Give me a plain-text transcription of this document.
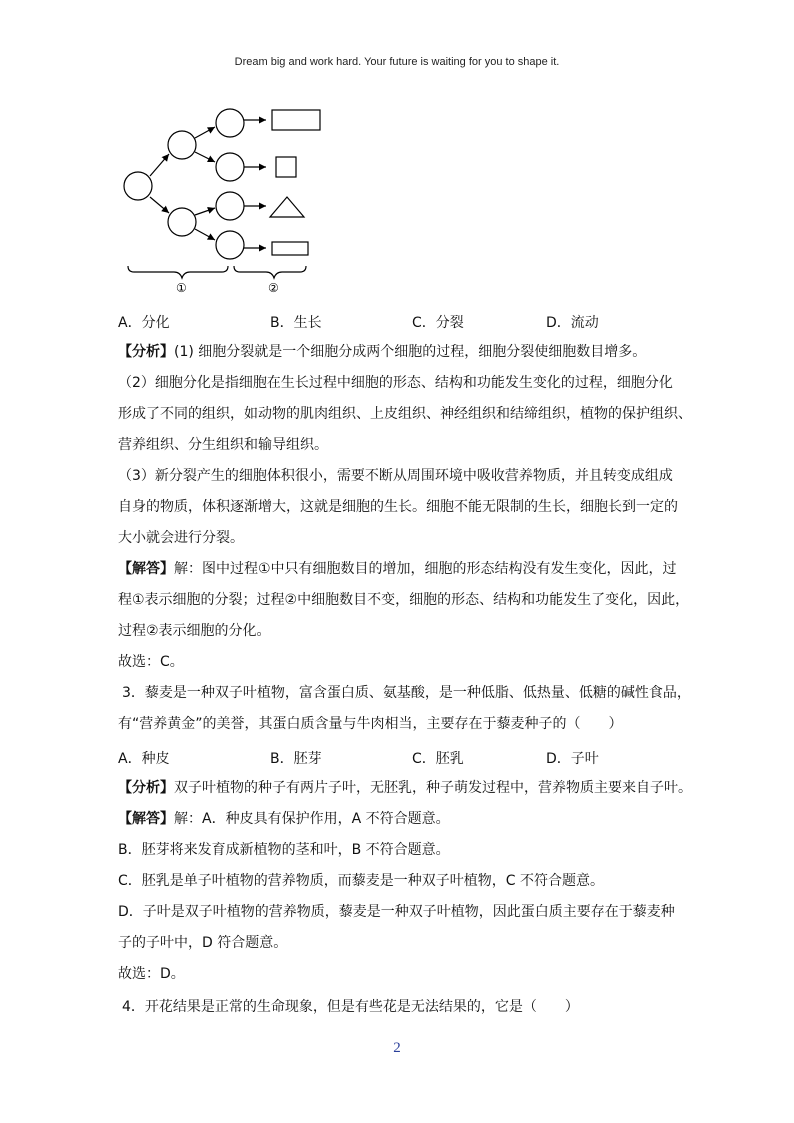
Dream big and work hard. Your future is waiting for you to shape it.
①	②
A．分化	B．生长	C．分裂	D．流动
【分析】(1) 细胞分裂就是一个细胞分成两个细胞的过程，细胞分裂使细胞数目增多。
（2）细胞分化是指细胞在生长过程中细胞的形态、结构和功能发生变化的过程，细胞分化
形成了不同的组织，如动物的肌肉组织、上皮组织、神经组织和结缔组织，植物的保护组织、
营养组织、分生组织和输导组织。
（3）新分裂产生的细胞体积很小，需要不断从周围环境中吸收营养物质，并且转变成组成
自身的物质，体积逐渐增大，这就是细胞的生长。细胞不能无限制的生长，细胞长到一定的
大小就会进行分裂。
【解答】解：图中过程①中只有细胞数目的增加，细胞的形态结构没有发生变化，因此，过
程①表示细胞的分裂；过程②中细胞数目不变，细胞的形态、结构和功能发生了变化，因此，
过程②表示细胞的分化。
故选：C。
3．藜麦是一种双子叶植物，富含蛋白质、氨基酸，是一种低脂、低热量、低糖的碱性食品，
有“营养黄金”的美誉，其蛋白质含量与牛肉相当，主要存在于藜麦种子的（　　）
A．种皮	B．胚芽	C．胚乳	D．子叶
【分析】双子叶植物的种子有两片子叶，无胚乳，种子萌发过程中，营养物质主要来自子叶。
【解答】解：A．种皮具有保护作用，A 不符合题意。
B．胚芽将来发育成新植物的茎和叶，B 不符合题意。
C．胚乳是单子叶植物的营养物质，而藜麦是一种双子叶植物，C 不符合题意。
D．子叶是双子叶植物的营养物质，藜麦是一种双子叶植物，因此蛋白质主要存在于藜麦种
子的子叶中，D 符合题意。
故选：D。
4．开花结果是正常的生命现象，但是有些花是无法结果的，它是（　　）
2
